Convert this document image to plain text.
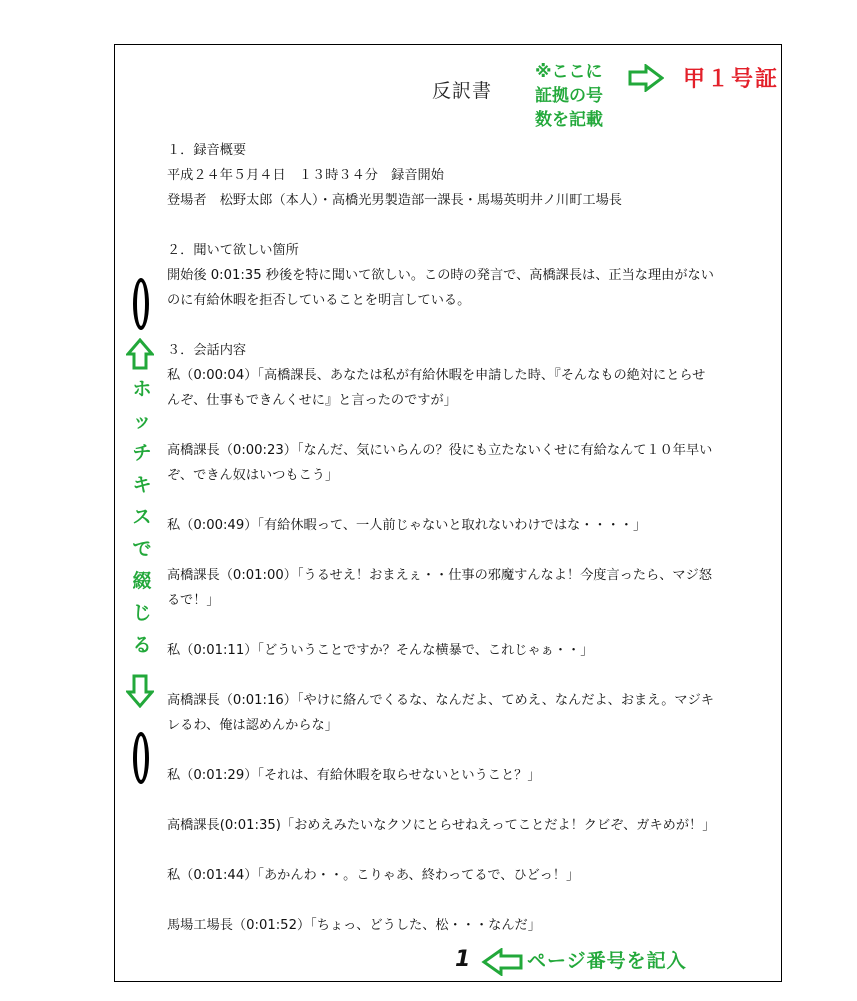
反訳書
※ここに
証拠の号
数を記載
甲１号証
１．録音概要
平成２４年５月４日　１３時３４分　録音開始
登場者　松野太郎（本人）・高橋光男製造部一課長・馬場英明井ノ川町工場長
２．聞いて欲しい箇所
開始後 0:01:35 秒後を特に聞いて欲しい。この時の発言で、高橋課長は、正当な理由がない
のに有給休暇を拒否していることを明言している。
３．会話内容
私（0:00:04）「高橋課長、あなたは私が有給休暇を申請した時、『そんなもの絶対にとらせ
んぞ、仕事もできんくせに』と言ったのですが」
高橋課長（0:00:23）「なんだ、気にいらんの？役にも立たないくせに有給なんて１０年早い
ぞ、できん奴はいつもこう」
私（0:00:49）「有給休暇って、一人前じゃないと取れないわけではな・・・・」
高橋課長（0:01:00）「うるせえ！おまえぇ・・仕事の邪魔すんなよ！今度言ったら、マジ怒
るで！」
私（0:01:11）「どういうことですか？そんな横暴で、これじゃぁ・・」
高橋課長（0:01:16）「やけに絡んでくるな、なんだよ、てめえ、なんだよ、おまえ。マジキ
レるわ、俺は認めんからな」
私（0:01:29）「それは、有給休暇を取らせないということ？」
高橋課長(0:01:35)「おめえみたいなクソにとらせねえってことだよ！クビぞ、ガキめが！」
私（0:01:44）「あかんわ・・。こりゃあ、終わってるで、ひどっ！」
馬場工場長（0:01:52）「ちょっ、どうした、松・・・なんだ」
ホ
ッ
チ
キ
ス
で
綴
じ
る
1	ページ番号を記入
